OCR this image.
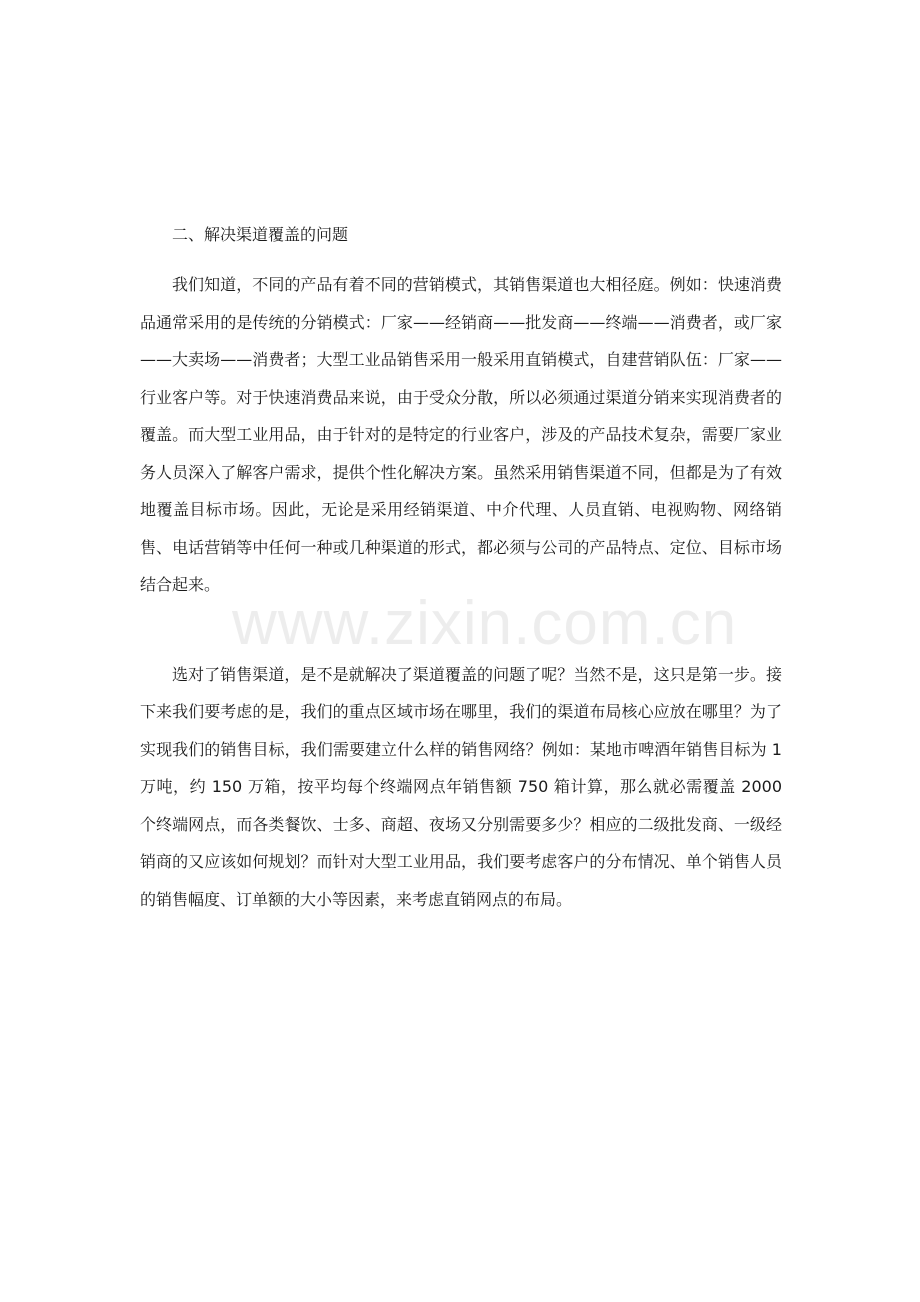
www.zixin.com.cn

二、解决渠道覆盖的问题

我们知道，不同的产品有着不同的营销模式，其销售渠道也大相径庭。例如：快速消费品通常采用的是传统的分销模式：厂家——经销商——批发商——终端——消费者，或厂家——大卖场——消费者；大型工业品销售采用一般采用直销模式，自建营销队伍：厂家——行业客户等。对于快速消费品来说，由于受众分散，所以必须通过渠道分销来实现消费者的覆盖。而大型工业用品，由于针对的是特定的行业客户，涉及的产品技术复杂，需要厂家业务人员深入了解客户需求，提供个性化解决方案。虽然采用销售渠道不同，但都是为了有效地覆盖目标市场。因此，无论是采用经销渠道、中介代理、人员直销、电视购物、网络销售、电话营销等中任何一种或几种渠道的形式，都必须与公司的产品特点、定位、目标市场结合起来。

选对了销售渠道，是不是就解决了渠道覆盖的问题了呢？当然不是，这只是第一步。接下来我们要考虑的是，我们的重点区域市场在哪里，我们的渠道布局核心应放在哪里？为了实现我们的销售目标，我们需要建立什么样的销售网络？例如：某地市啤酒年销售目标为 1 万吨，约 150 万箱，按平均每个终端网点年销售额 750 箱计算，那么就必需覆盖 2000 个终端网点，而各类餐饮、士多、商超、夜场又分别需要多少？相应的二级批发商、一级经销商的又应该如何规划？而针对大型工业用品，我们要考虑客户的分布情况、单个销售人员的销售幅度、订单额的大小等因素，来考虑直销网点的布局。
